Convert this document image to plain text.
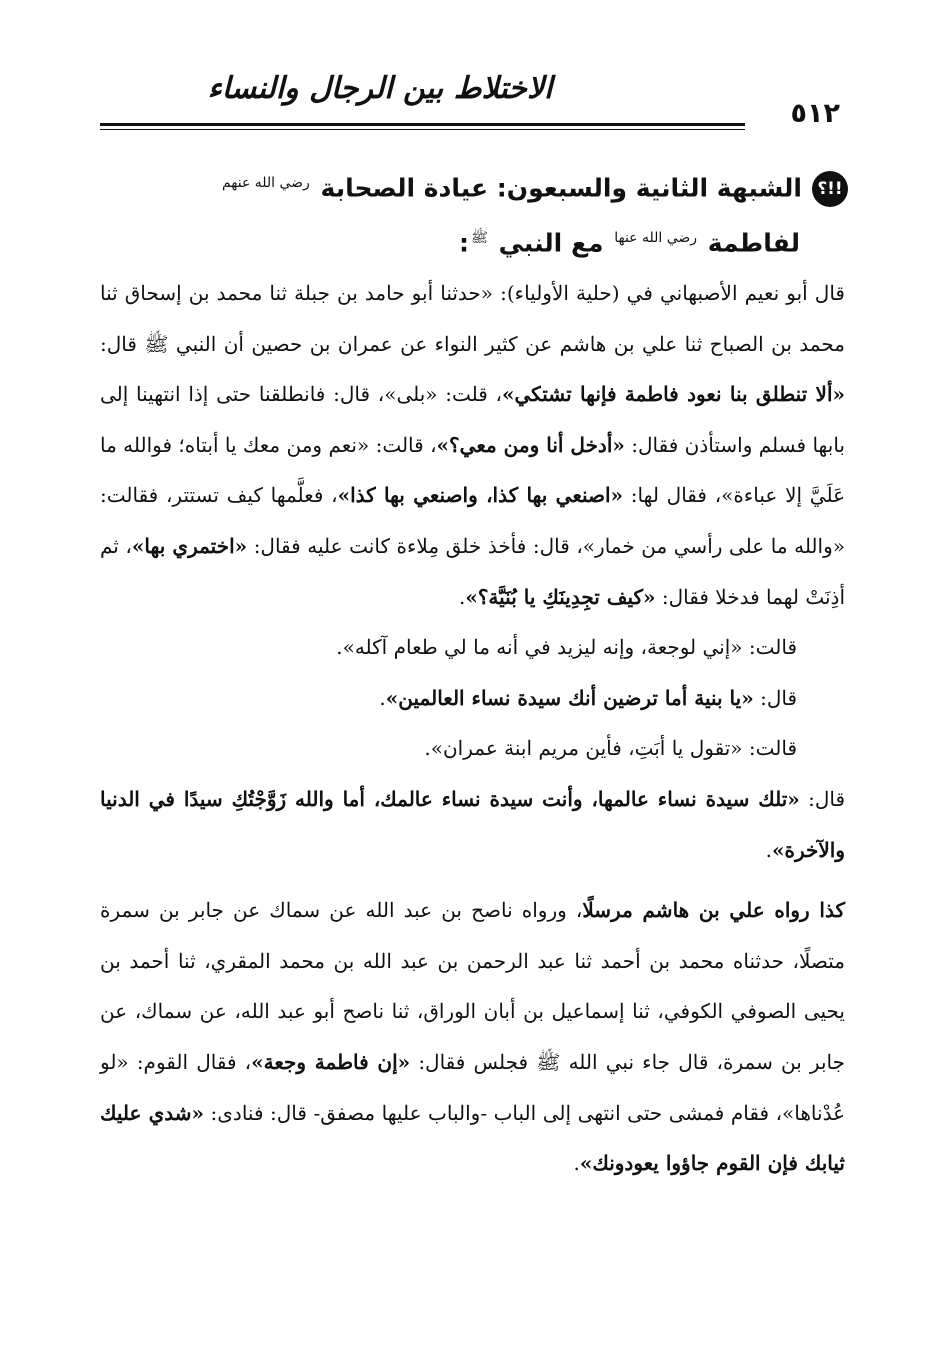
الاختلاط بين الرجال والنساء
٥١٢
!!؟الشبهة الثانية والسبعون: عيادة الصحابة $^{رضي الله عنهم}$
لفاطمة $^{رضي الله عنها}$ مع النبي $^ﷺ$:

قال أبو نعيم الأصبهاني في (حلية الأولياء): «حدثنا أبو حامد بن جبلة ثنا محمد بن إسحاق ثنا محمد بن الصباح ثنا علي بن هاشم عن كثير النواء عن عمران بن حصين أن النبي ﷺ قال: «ألا تنطلق بنا نعود فاطمة فإنها تشتكي»، قلت: «بلى»، قال: فانطلقنا حتى إذا انتهينا إلى بابها فسلم واستأذن فقال: «أدخل أنا ومن معي؟»، قالت: «نعم ومن معك يا أبتاه؛ فوالله ما عَلَيَّ إلا عباءة»، فقال لها: «اصنعي بها كذا، واصنعي بها كذا»، فعلَّمها كيف تستتر، فقالت: «والله ما على رأسي من خمار»، قال: فأخذ خلق مِلاءة كانت عليه فقال: «اختمري بها»، ثم أذِنَتْ لهما فدخلا فقال: «كيف تجِدِينَكِ يا بُنَيَّة؟».

قالت: «إني لوجعة، وإنه ليزيد في أنه ما لي طعام آكله».

قال: «يا بنية أما ترضين أنك سيدة نساء العالمين».

قالت: «تقول يا أبَتِ، فأين مريم ابنة عمران».

قال: «تلك سيدة نساء عالمها، وأنت سيدة نساء عالمك، أما والله زَوَّجْتُكِ سيدًا في الدنيا والآخرة».

كذا رواه علي بن هاشم مرسلًا، ورواه ناصح بن عبد الله عن سماك عن جابر بن سمرة متصلًا، حدثناه محمد بن أحمد ثنا عبد الرحمن بن عبد الله بن محمد المقري، ثنا أحمد بن يحيى الصوفي الكوفي، ثنا إسماعيل بن أبان الوراق، ثنا ناصح أبو عبد الله، عن سماك، عن جابر بن سمرة، قال جاء نبي الله ﷺ فجلس فقال: «إن فاطمة وجعة»، فقال القوم: «لو عُدْناها»، فقام فمشى حتى انتهى إلى الباب -والباب عليها مصفق- قال: فنادى: «شدي عليك ثيابك فإن القوم جاؤوا يعودونك».
